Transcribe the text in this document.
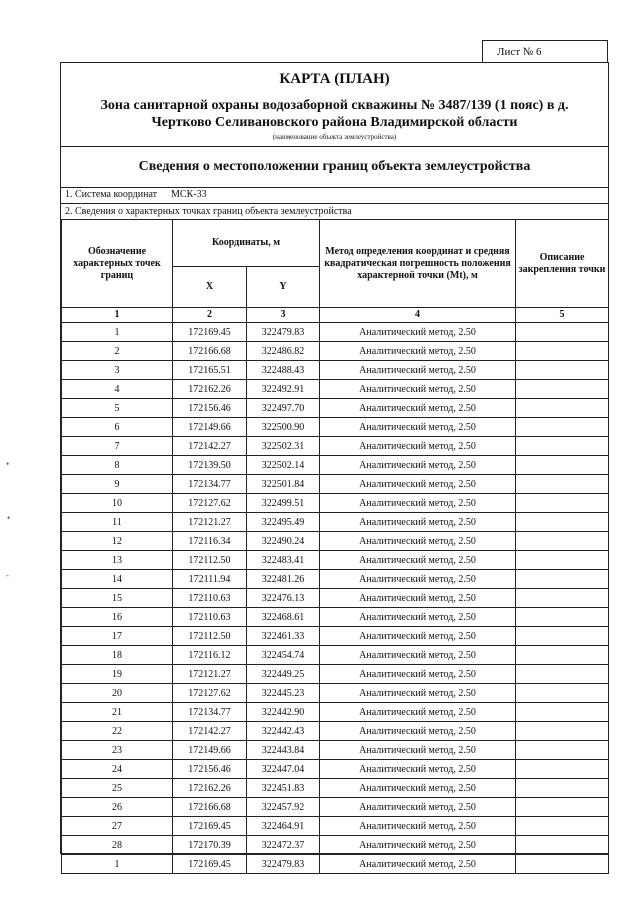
Лист № 6
КАРТА (ПЛАН)
Зона санитарной охраны водозаборной скважины № 3487/139 (1 пояс) в д.
Чертково Селивановского района Владимирской области
(наименование объекта землеустройства)
Сведения о местоположении границ объекта землеустройства
1. Система координат МСК-33
2. Сведения о характерных точках границ объекта землеустройства
Обозначение характерных точек границ	Координаты, м		Метод определения координат и средняя квадратическая погрешность положения характерной точки (Mt), м	Описание закрепления точки
	X	Y		
1	2	3	4	5
1	172169.45	322479.83	Аналитический метод, 2.50	
2	172166.68	322486.82	Аналитический метод, 2.50	
3	172165.51	322488.43	Аналитический метод, 2.50	
4	172162.26	322492.91	Аналитический метод, 2.50	
5	172156.46	322497.70	Аналитический метод, 2.50	
6	172149.66	322500.90	Аналитический метод, 2.50	
7	172142.27	322502.31	Аналитический метод, 2.50	
8	172139.50	322502.14	Аналитический метод, 2.50	
9	172134.77	322501.84	Аналитический метод, 2.50	
10	172127.62	322499.51	Аналитический метод, 2.50	
11	172121.27	322495.49	Аналитический метод, 2.50	
12	172116.34	322490.24	Аналитический метод, 2.50	
13	172112.50	322483.41	Аналитический метод, 2.50	
14	172111.94	322481.26	Аналитический метод, 2.50	
15	172110.63	322476.13	Аналитический метод, 2.50	
16	172110.63	322468.61	Аналитический метод, 2.50	
17	172112.50	322461.33	Аналитический метод, 2.50	
18	172116.12	322454.74	Аналитический метод, 2.50	
19	172121.27	322449.25	Аналитический метод, 2.50	
20	172127.62	322445.23	Аналитический метод, 2.50	
21	172134.77	322442.90	Аналитический метод, 2.50	
22	172142.27	322442.43	Аналитический метод, 2.50	
23	172149.66	322443.84	Аналитический метод, 2.50	
24	172156.46	322447.04	Аналитический метод, 2.50	
25	172162.26	322451.83	Аналитический метод, 2.50	
26	172166.68	322457.92	Аналитический метод, 2.50	
27	172169.45	322464.91	Аналитический метод, 2.50	
28	172170.39	322472.37	Аналитический метод, 2.50	
1	172169.45	322479.83	Аналитический метод, 2.50	
•
•
-
